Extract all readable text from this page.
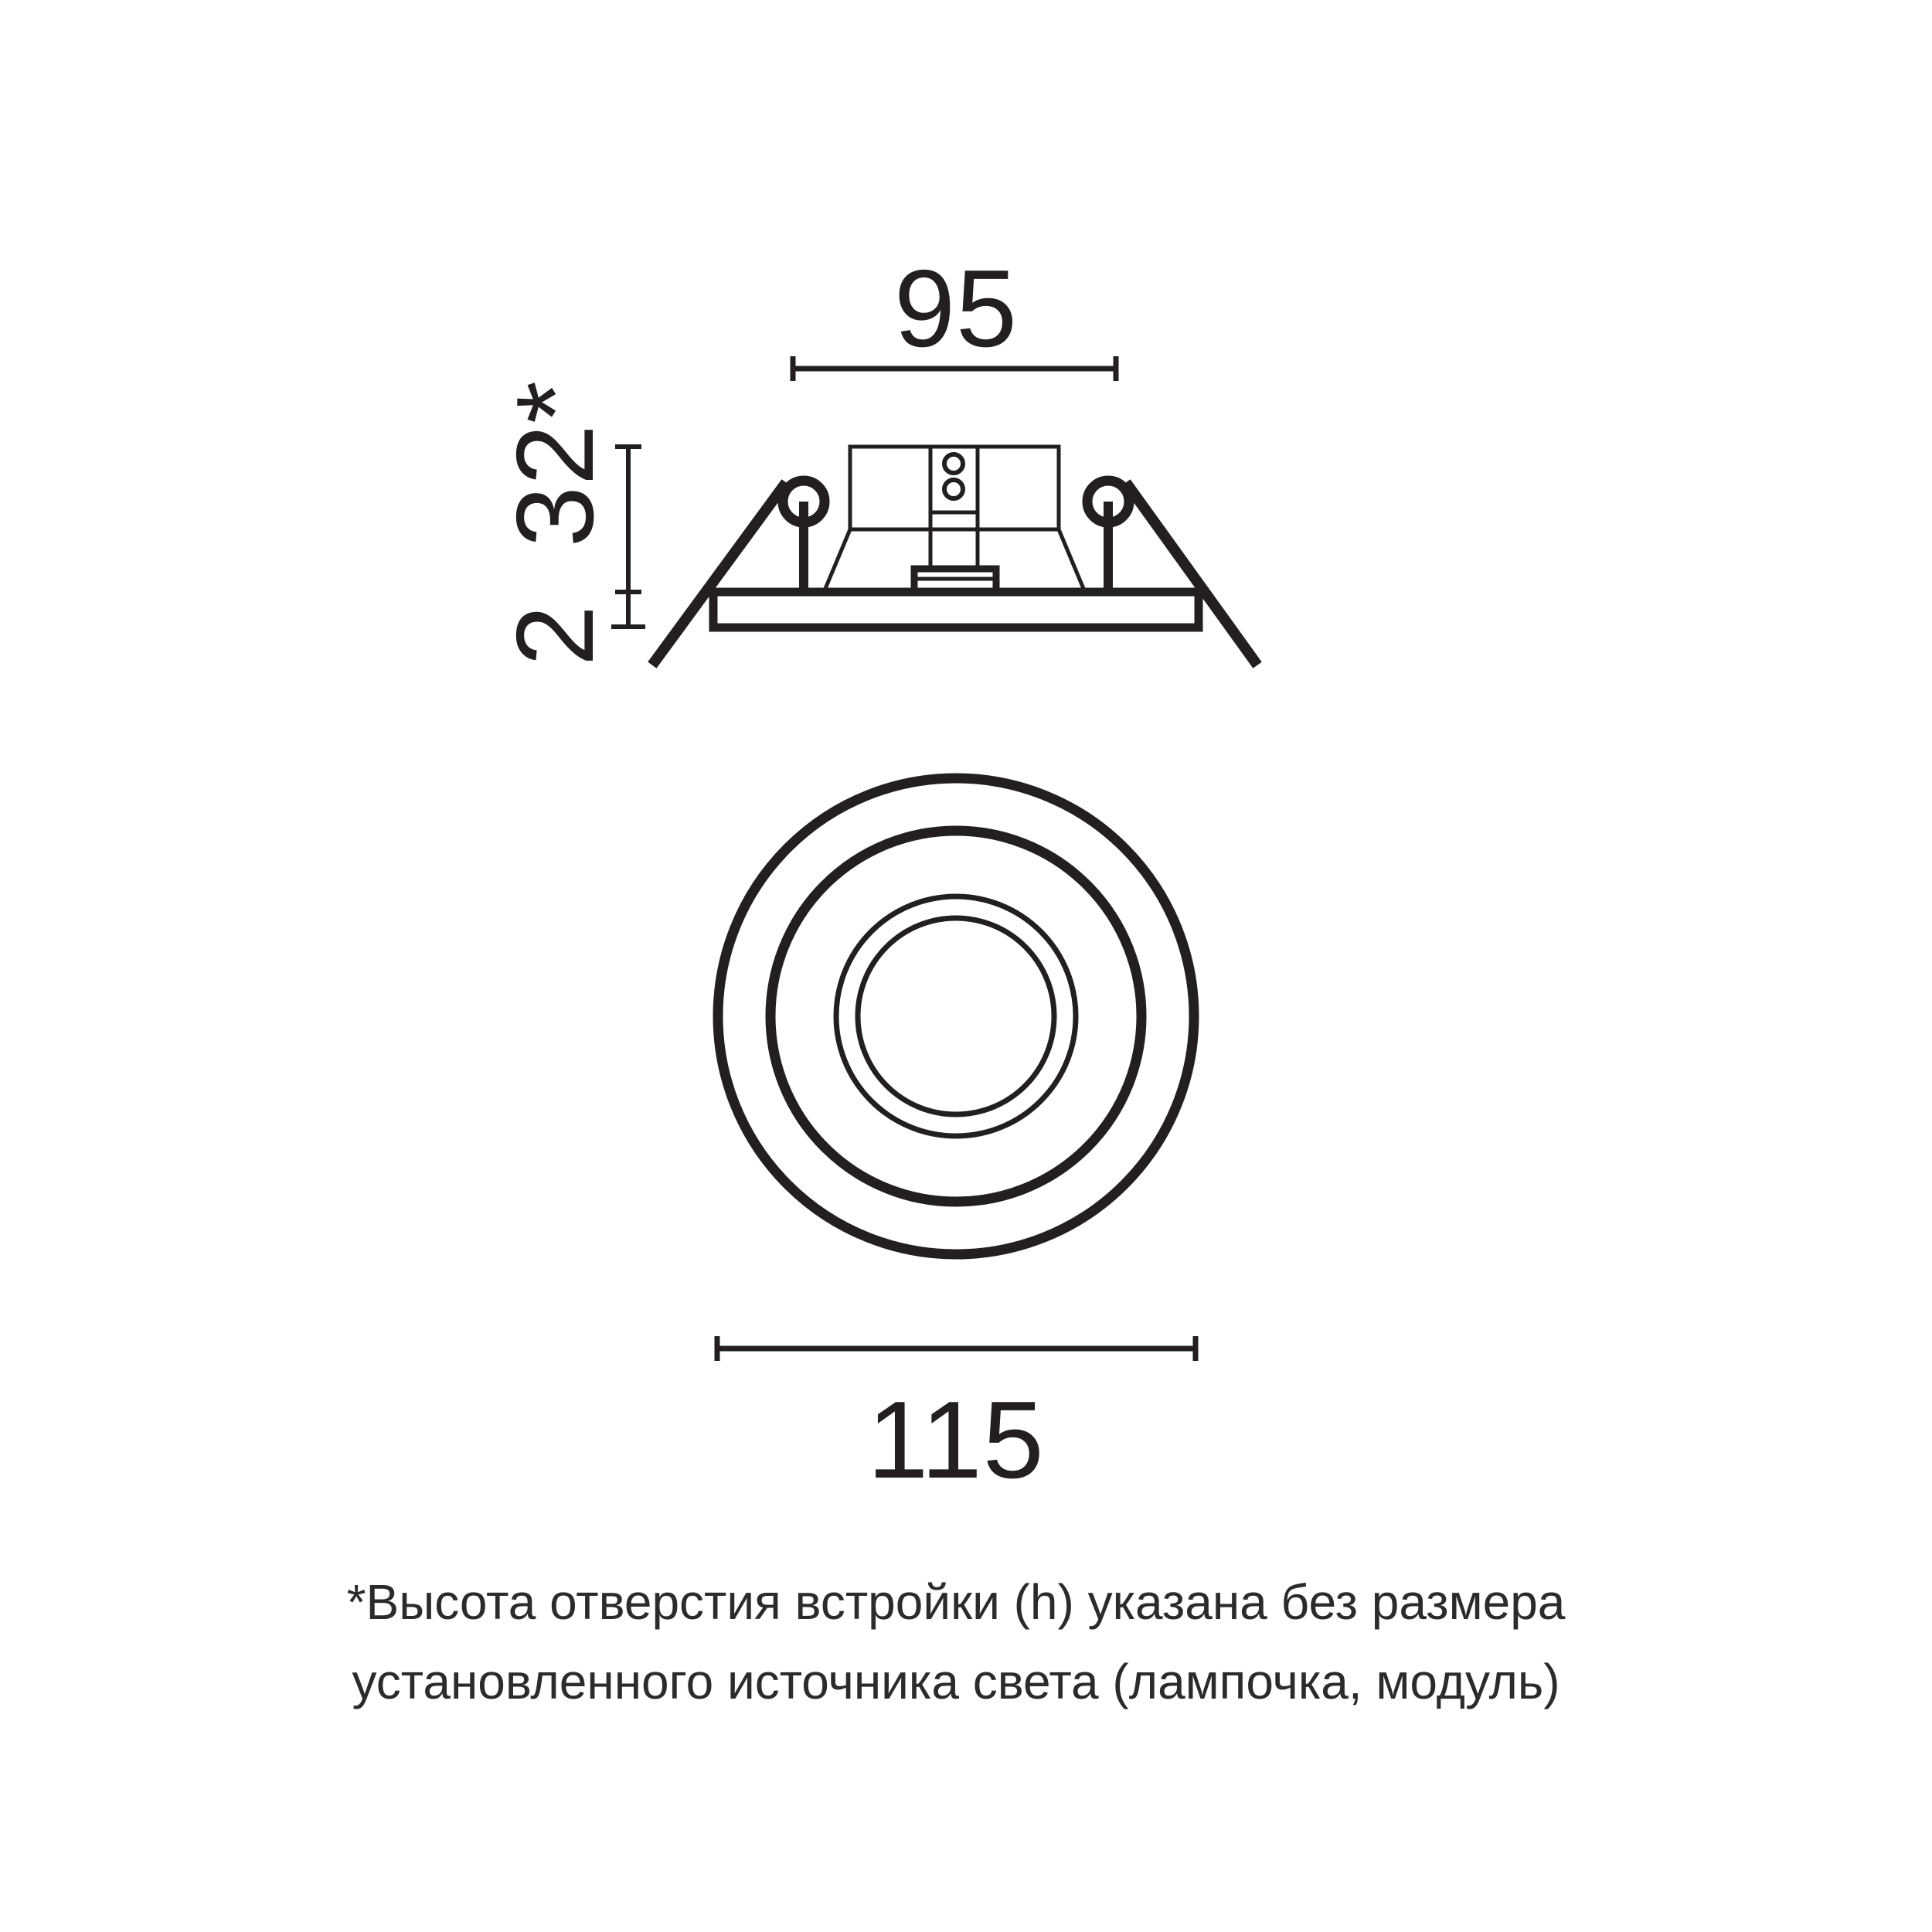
95
32*
2
115
*Высота отверстия встройки (h) указана без размера
установленного источника света (лампочка, модуль)
